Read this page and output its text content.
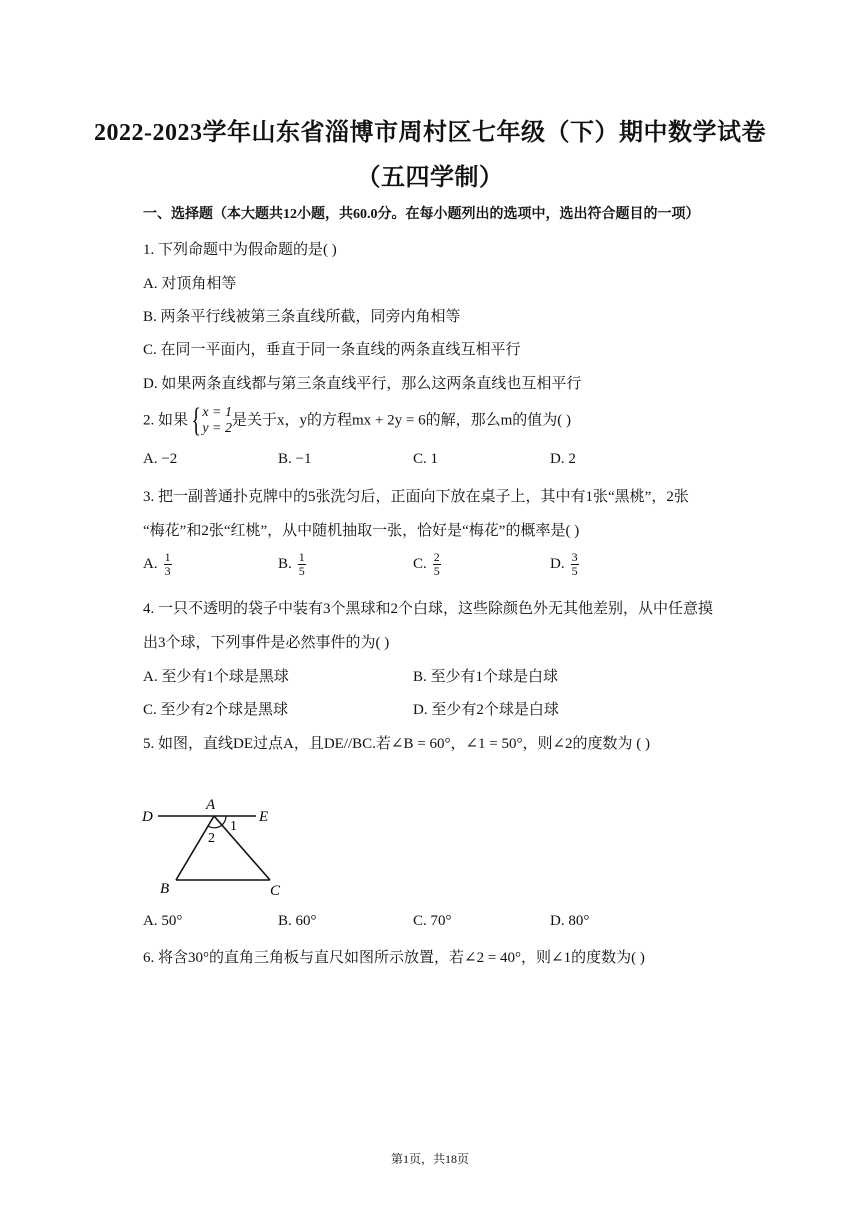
2022-2023学年山东省淄博市周村区七年级（下）期中数学试卷
（五四学制）
一、选择题（本大题共12小题，共60.0分。在每小题列出的选项中，选出符合题目的一项）
1. 下列命题中为假命题的是( )
A. 对顶角相等
B. 两条平行线被第三条直线所截，同旁内角相等
C. 在同一平面内，垂直于同一条直线的两条直线互相平行
D. 如果两条直线都与第三条直线平行，那么这两条直线也互相平行
2. 如果 { x = 1
y = 2
是关于x，y的方程mx + 2y = 6的解，那么m的值为( )
A. −2	B. −1	C. 1	D. 2
3. 把一副普通扑克牌中的5张洗匀后，正面向下放在桌子上，其中有1张“黑桃”，2张
“梅花”和2张“红桃”，从中随机抽取一张，恰好是“梅花”的概率是( )
A. $\frac{1}{3}$	B. $\frac{1}{5}$	C. $\frac{2}{5}$	D. $\frac{3}{5}$
4. 一只不透明的袋子中装有3个黑球和2个白球，这些除颜色外无其他差别，从中任意摸
出3个球，下列事件是必然事件的为( )
A. 至少有1个球是黑球	B. 至少有1个球是白球
C. 至少有2个球是黑球	D. 至少有2个球是白球
5. 如图，直线DE过点A，且DE//BC.若∠B = 60°，∠1 = 50°，则∠2的度数为 ( )
D
A
E
1
2
B	C
A. 50°	B. 60°	C. 70°	D. 80°
6. 将含30°的直角三角板与直尺如图所示放置，若∠2 = 40°，则∠1的度数为( )
第1页，共18页
